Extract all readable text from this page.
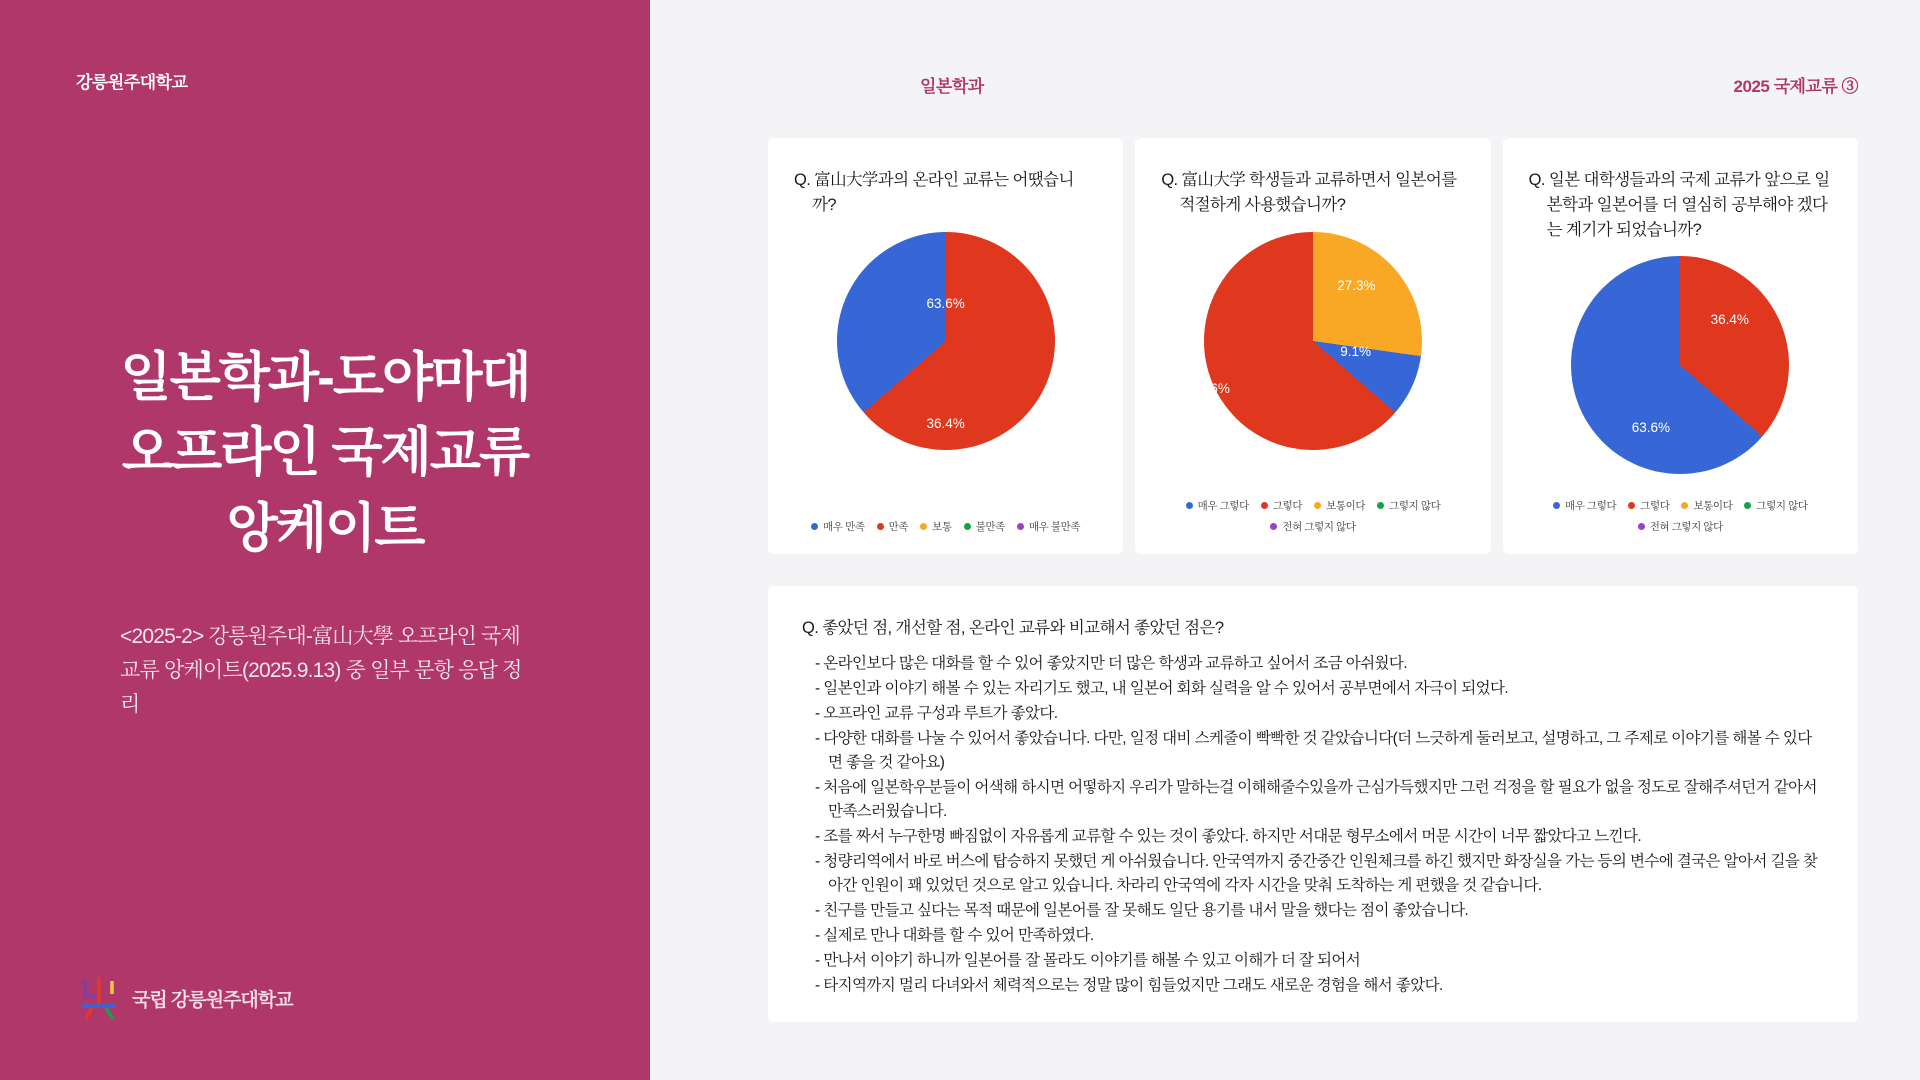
강릉원주대학교
일본학과-도야마대
오프라인 국제교류
앙케이트
<2025-2> 강릉원주대-富山大學 오프라인 국제교류 앙케이트(2025.9.13) 중 일부 문항 응답 정리
국립 강릉원주대학교
일본학과	2025 국제교류 ③
Q. 富山大学과의 온라인 교류는 어땠습니까?
63.6%
36.4%
매우 만족 만족 보통 불만족 매우 불만족
Q. 富山大学 학생들과 교류하면서 일본어를 적절하게 사용했습니까?
27.3%
9.1%
63.6%
매우 그렇다 그렇다 보통이다 그렇지 않다
전혀 그렇지 않다
Q. 일본 대학생들과의 국제 교류가 앞으로 일본학과 일본어를 더 열심히 공부해야 겠다는 계기가 되었습니까?
36.4%
63.6%
매우 그렇다 그렇다 보통이다 그렇지 않다
전혀 그렇지 않다
Q. 좋았던 점, 개선할 점, 온라인 교류와 비교해서 좋았던 점은?
- 온라인보다 많은 대화를 할 수 있어 좋았지만 더 많은 학생과 교류하고 싶어서 조금 아쉬웠다.
- 일본인과 이야기 해볼 수 있는 자리기도 했고, 내 일본어 회화 실력을 알 수 있어서 공부면에서 자극이 되었다.
- 오프라인 교류 구성과 루트가 좋았다.
- 다양한 대화를 나눌 수 있어서 좋았습니다. 다만, 일정 대비 스케줄이 빡빡한 것 같았습니다(더 느긋하게 둘러보고, 설명하고, 그 주제로 이야기를 해볼 수 있다면 좋을 것 같아요)
- 처음에 일본학우분들이 어색해 하시면 어떻하지 우리가 말하는걸 이해해줄수있을까 근심가득했지만 그런 걱정을 할 필요가 없을 정도로 잘해주셔던거 같아서 만족스러웠습니다.
- 조를 짜서 누구한명 빠짐없이 자유롭게 교류할 수 있는 것이 좋았다. 하지만 서대문 형무소에서 머문 시간이 너무 짧았다고 느낀다.
- 청량리역에서 바로 버스에 탑승하지 못했던 게 아쉬웠습니다. 안국역까지 중간중간 인원체크를 하긴 했지만 화장실을 가는 등의 변수에 결국은 알아서 길을 찾아간 인원이 꽤 있었던 것으로 알고 있습니다. 차라리 안국역에 각자 시간을 맞춰 도착하는 게 편했을 것 같습니다.
- 친구를 만들고 싶다는 목적 때문에 일본어를 잘 못해도 일단 용기를 내서 말을 했다는 점이 좋았습니다.
- 실제로 만나 대화를 할 수 있어 만족하였다.
- 만나서 이야기 하니까 일본어를 잘 몰라도 이야기를 해볼 수 있고 이해가 더 잘 되어서
- 타지역까지 멀리 다녀와서 체력적으로는 정말 많이 힘들었지만 그래도 새로운 경험을 해서 좋았다.
